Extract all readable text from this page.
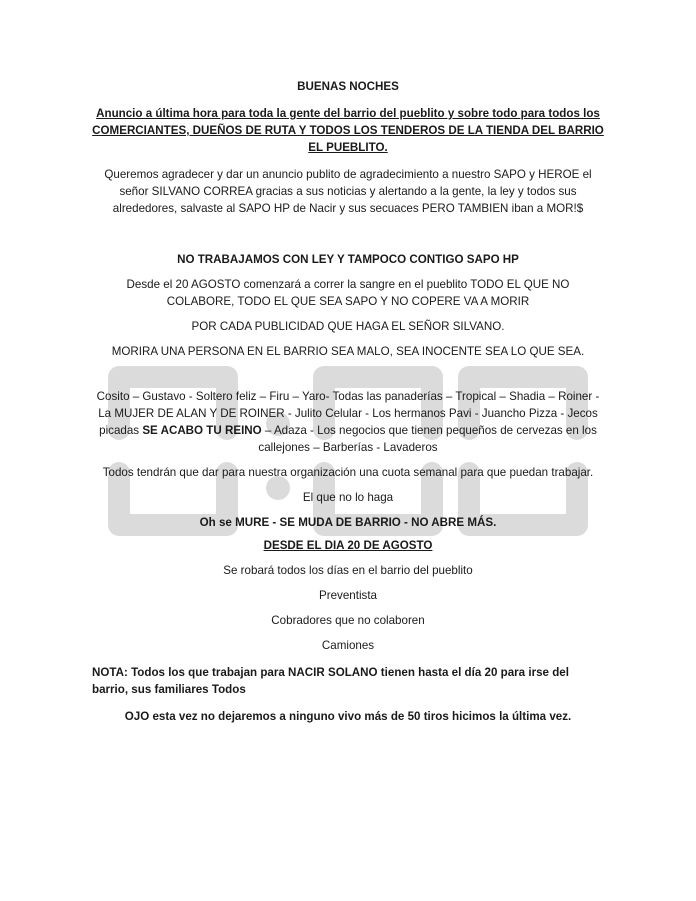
BUENAS NOCHES

Anuncio a última hora para toda la gente del barrio del pueblito y sobre todo para todos los COMERCIANTES, DUEÑOS DE RUTA Y TODOS LOS TENDEROS DE LA TIENDA DEL BARRIO EL PUEBLITO.

Queremos agradecer y dar un anuncio publito de agradecimiento a nuestro SAPO y HEROE el señor SILVANO CORREA gracias a sus noticias y alertando a la gente, la ley y todos sus alrededores, salvaste al SAPO HP de Nacir y sus secuaces PERO TAMBIEN iban a MOR!$

NO TRABAJAMOS CON LEY Y TAMPOCO CONTIGO SAPO HP

Desde el 20 AGOSTO comenzará a correr la sangre en el pueblito TODO EL QUE NO COLABORE, TODO EL QUE SEA SAPO Y NO COPERE VA A MORIR

POR CADA PUBLICIDAD QUE HAGA EL SEÑOR SILVANO.

MORIRA UNA PERSONA EN EL BARRIO SEA MALO, SEA INOCENTE SEA LO QUE SEA.

Cosito – Gustavo - Soltero feliz – Firu – Yaro- Todas las panaderías – Tropical – Shadia – Roiner - La MUJER DE ALAN Y DE ROINER - Julito Celular - Los hermanos Pavi - Juancho Pizza - Jecos picadas SE ACABO TU REINO – Adaza - Los negocios que tienen pequeños de cervezas en los callejones – Barberías - Lavaderos

Todos tendrán que dar para nuestra organización una cuota semanal para que puedan trabajar.

El que no lo haga

Oh se MURE - SE MUDA DE BARRIO - NO ABRE MÁS.

DESDE EL DIA 20 DE AGOSTO

Se robará todos los días en el barrio del pueblito

Preventista

Cobradores que no colaboren

Camiones

NOTA: Todos los que trabajan para NACIR SOLANO tienen hasta el día 20 para irse del barrio, sus familiares Todos

OJO esta vez no dejaremos a ninguno vivo más de 50 tiros hicimos la última vez.
